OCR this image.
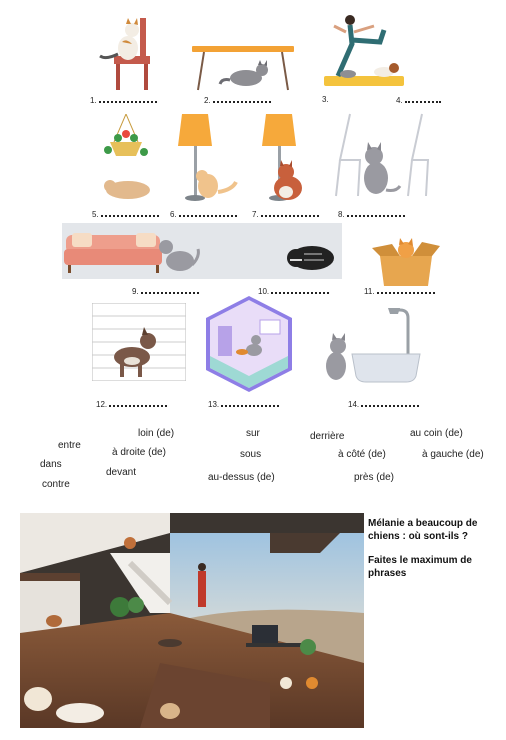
1.	2.	3.	4.
5.	6.	7.	8.
9.	10.	11.
12.	13.	14.
entre
dans
contre
loin (de)
à droite (de)
devant
sur
sous
au-dessus (de)
derrière
à côté (de)
près (de)
au coin (de)
à gauche (de)
Mélanie a beaucoup de chiens : où sont-ils ?
Faites le maximum de phrases
